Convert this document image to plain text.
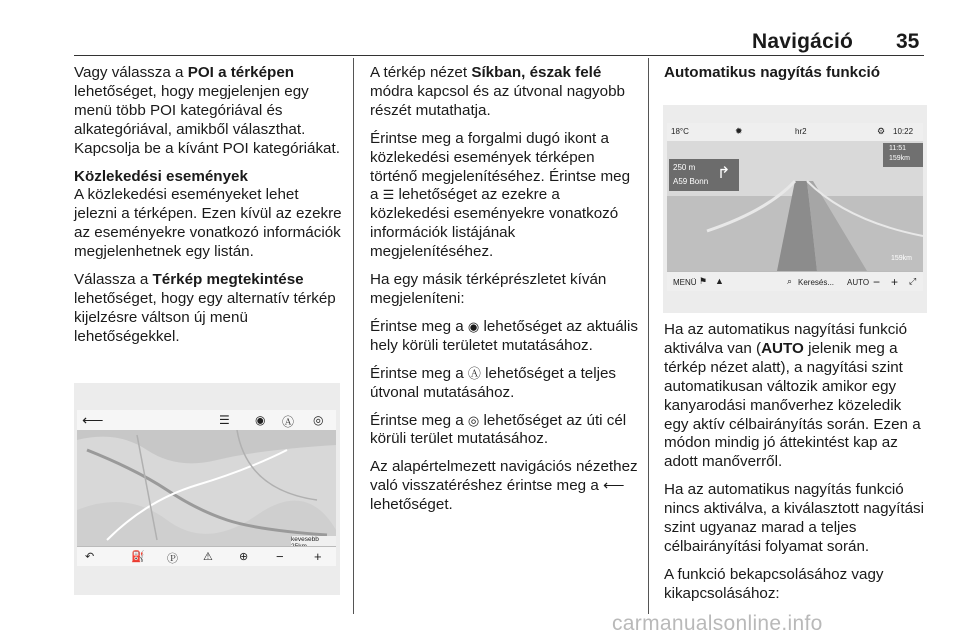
Navigáció 35

Vagy válassza a POI a térképen lehetőséget, hogy megjelenjen egy menü több POI kategóriával és alkategóriával, amikből választhat. Kapcsolja be a kívánt POI kategóriákat.

Közlekedési események

A közlekedési eseményeket lehet jelezni a térképen. Ezen kívül az ezekre az eseményekre vonatkozó információk megjelenhetnek egy listán.

Válassza a Térkép megtekintése lehetőséget, hogy egy alternatív térkép kijelzésre váltson új menü lehetőségekkel.

⟵	☰ ◉ Ⓐ ◎
kevesebb
↶	⛽ Ⓟ ⚠ ⊕ − +

A térkép nézet Síkban, észak felé módra kapcsol és az útvonal nagyobb részét mutathatja.

Érintse meg a forgalmi dugó ikont a közlekedési események térképen történő megjelenítéséhez. Érintse meg a ☰ lehetőséget az ezekre a közlekedési eseményekre vonatkozó információk listájának megjelenítéséhez.

Ha egy másik térképrészletet kíván megjeleníteni:

Érintse meg a ◉ lehetőséget az aktuális hely körüli területet mutatásához.

Érintse meg a Ⓐ lehetőséget a teljes útvonal mutatásához.

Érintse meg a ◎ lehetőséget az úti cél körüli terület mutatásához.

Az alapértelmezett navigációs nézethez való visszatéréshez érintse meg a ⟵ lehetőséget.

Automatikus nagyítás funkció
18°C	✹	hr2	⚙ 10:22
250 m
A59 Bonn ↱
11:51
159km
159km
MENÜ ⚑ ▲	⌕ Keresés... AUTO − + ⤢

Ha az automatikus nagyítási funkció aktiválva van (AUTO jelenik meg a térkép nézet alatt), a nagyítási szint automatikusan változik amikor egy kanyarodási manőverhez közeledik egy aktív célbairányítás során. Ezen a módon mindig jó áttekintést kap az adott manőverről.

Ha az automatikus nagyítás funkció nincs aktiválva, a kiválasztott nagyítási szint ugyanaz marad a teljes célbairányítási folyamat során.

A funkció bekapcsolásához vagy kikapcsolásához:

carmanualsonline.info
